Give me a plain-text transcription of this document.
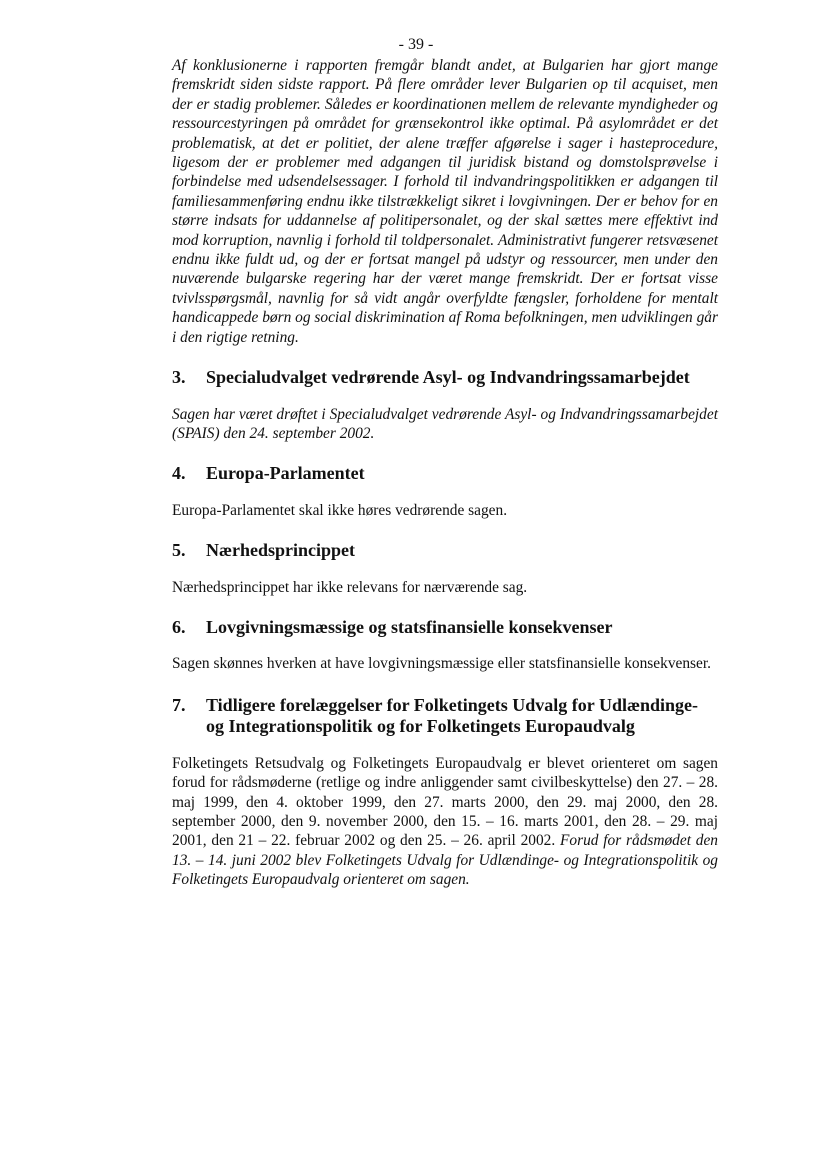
- 39 -

Af konklusionerne i rapporten fremgår blandt andet, at Bulgarien har gjort mange fremskridt siden sidste rapport. På flere områder lever Bulgarien op til acquiset, men der er stadig problemer. Således er koordinationen mellem de relevante myndigheder og ressourcestyringen på området for grænsekontrol ikke optimal. På asylområdet er det problematisk, at det er politiet, der alene træffer afgørelse i sager i hasteprocedure, ligesom der er problemer med adgangen til juridisk bistand og domstolsprøvelse i forbindelse med udsendelsessager. I forhold til indvandringspolitikken er adgangen til familiesammenføring endnu ikke tilstrækkeligt sikret i lovgivningen. Der er behov for en større indsats for uddannelse af politipersonalet, og der skal sættes mere effektivt ind mod korruption, navnlig i forhold til toldpersonalet. Administrativt fungerer retsvæsenet endnu ikke fuldt ud, og der er fortsat mangel på udstyr og ressourcer, men under den nuværende bulgarske regering har der været mange fremskridt. Der er fortsat visse tvivlsspørgsmål, navnlig for så vidt angår overfyldte fængsler, forholdene for mentalt handicappede børn og social diskrimination af Roma befolkningen, men udviklingen går i den rigtige retning.

3.	Specialudvalget vedrørende Asyl- og Indvandringssamarbejdet

Sagen har været drøftet i Specialudvalget vedrørende Asyl- og Indvandringssamarbejdet (SPAIS) den 24. september 2002.

4.	Europa-Parlamentet

Europa-Parlamentet skal ikke høres vedrørende sagen.

5.	Nærhedsprincippet

Nærhedsprincippet har ikke relevans for nærværende sag.

6.	Lovgivningsmæssige og statsfinansielle konsekvenser

Sagen skønnes hverken at have lovgivningsmæssige eller statsfinansielle konsekvenser.

7.	Tidligere forelæggelser for Folketingets Udvalg for Udlændinge- og Integrationspolitik og for Folketingets Europaudvalg

Folketingets Retsudvalg og Folketingets Europaudvalg er blevet orienteret om sagen forud for rådsmøderne (retlige og indre anliggender samt civilbeskyttelse) den 27. – 28. maj 1999, den 4. oktober 1999, den 27. marts 2000, den 29. maj 2000, den 28. september 2000, den 9. november 2000, den 15. – 16. marts 2001, den 28. – 29. maj 2001, den 21 – 22. februar 2002 og den 25. – 26. april 2002. Forud for rådsmødet den 13. – 14. juni 2002 blev Folketingets Udvalg for Udlændinge- og Integrationspolitik og Folketingets Europaudvalg orienteret om sagen.
